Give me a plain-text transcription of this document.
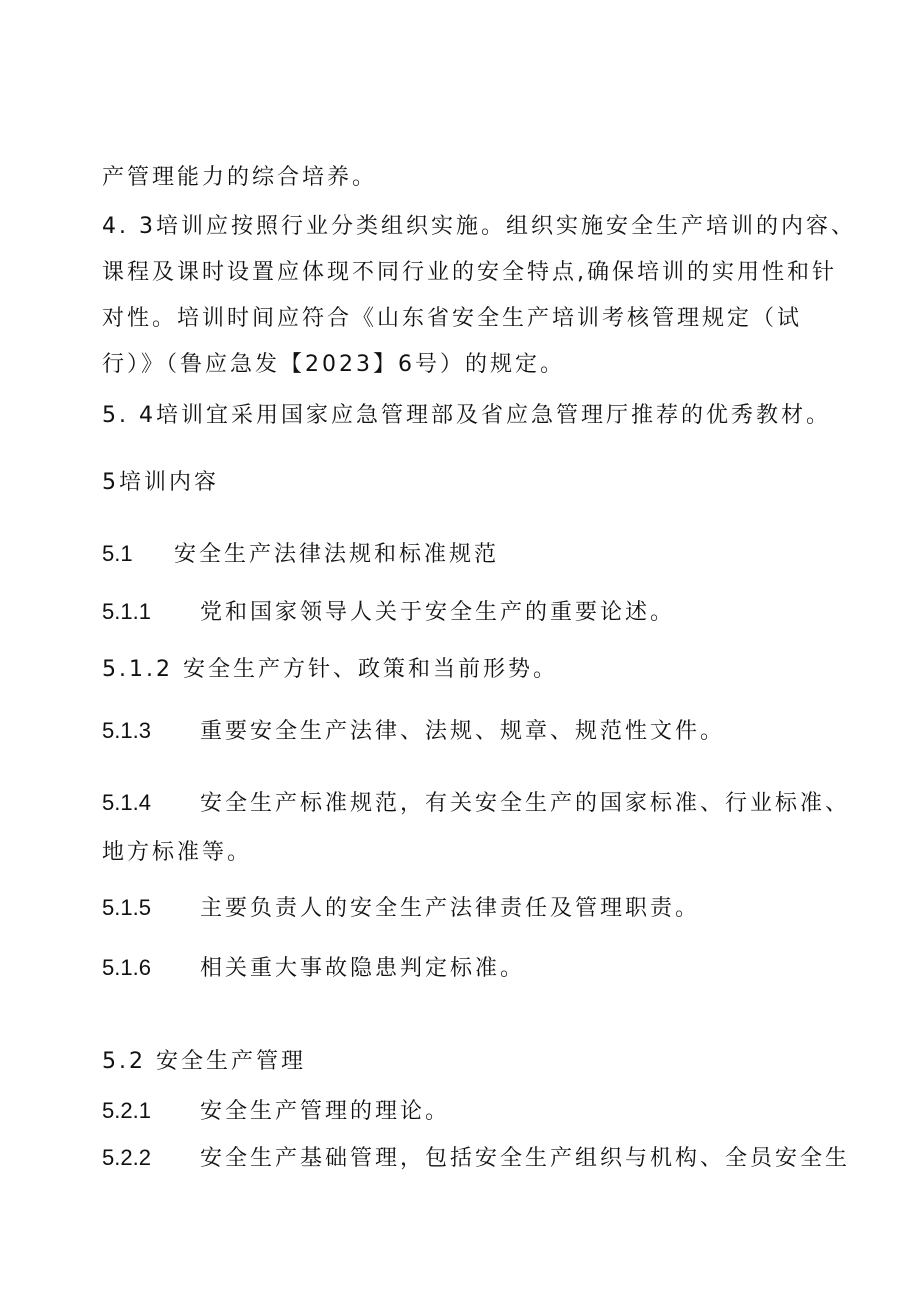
产管理能力的综合培养。
4. 3培训应按照行业分类组织实施。组织实施安全生产培训的内容、
课程及课时设置应体现不同行业的安全特点,确保培训的实用性和针
对性。培训时间应符合《山东省安全生产培训考核管理规定（试
行）》（鲁应急发【2023】6号）的规定。
5. 4培训宜采用国家应急管理部及省应急管理厅推荐的优秀教材。
5培训内容
5.1 安全生产法律法规和标准规范
5.1.1 党和国家领导人关于安全生产的重要论述。
5.1.2 安全生产方针、政策和当前形势。
5.1.3 重要安全生产法律、法规、规章、规范性文件。
5.1.4 安全生产标准规范，有关安全生产的国家标准、行业标准、
地方标准等。
5.1.5 主要负责人的安全生产法律责任及管理职责。
5.1.6 相关重大事故隐患判定标准。
5.2 安全生产管理
5.2.1 安全生产管理的理论。
5.2.2 安全生产基础管理，包括安全生产组织与机构、全员安全生
